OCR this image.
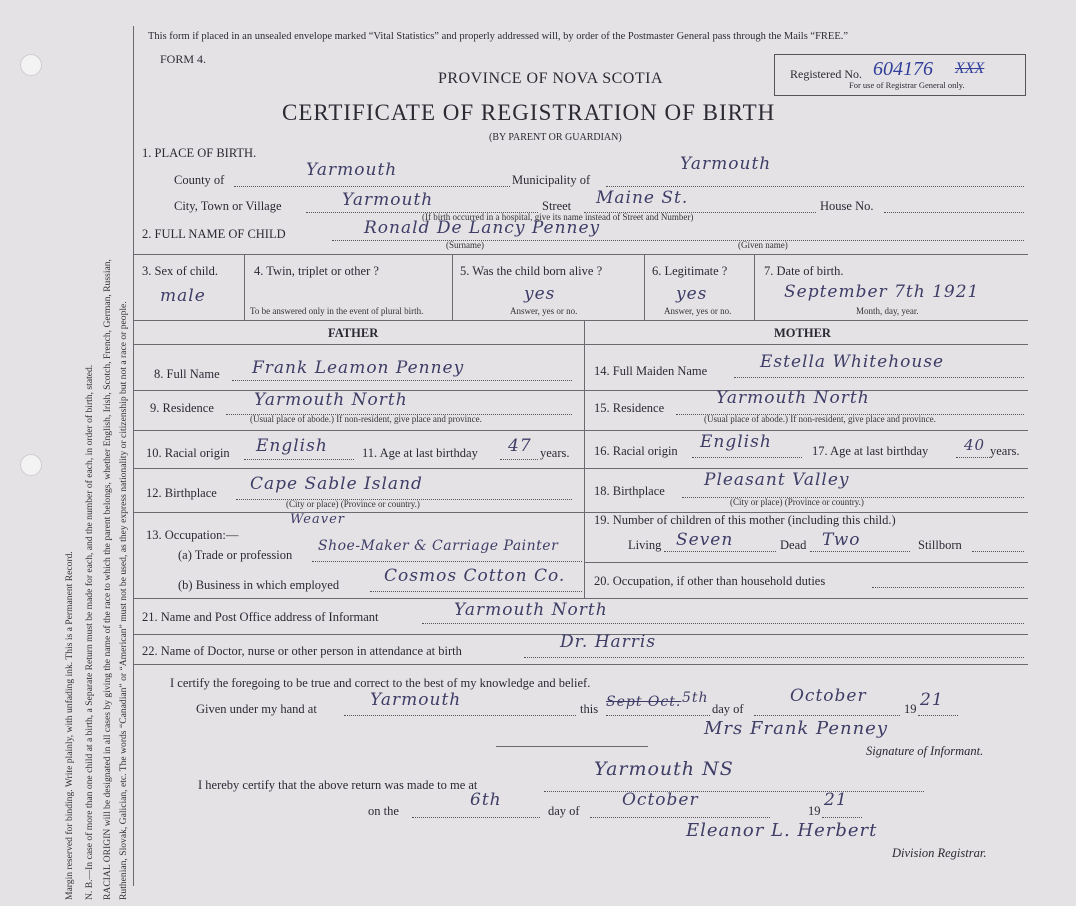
Margin reserved for binding. Write plainly, with unfading ink. This is a Permanent Record. N. B.—In case of more than one child at a birth, a Separate Return must be made for each, and the number of each, in order of birth, stated. RACIAL ORIGIN will be designated in all cases by giving the name of the race to which the parent belongs, whether English, Irish, Scotch, French, German, Russian, Ruthenian, Slovak, Galician, etc. The words “Canadian” or “American” must not be used, as they express nationality or citizenship but not a race or people.
This form if placed in an unsealed envelope marked “Vital Statistics” and properly addressed will, by order of the Postmaster General pass through the Mails “FREE.”
FORM 4.
PROVINCE OF NOVA SCOTIA
CERTIFICATE OF REGISTRATION OF BIRTH
(BY PARENT OR GUARDIAN)
Registered No. 604176 XXX
For use of Registrar General only.
1. PLACE OF BIRTH.
County of	Yarmouth	Municipality of
Yarmouth
City, Town or Village	Yarmouth	Street Maine St.	House No.
(If birth occurred in a hospital, give its name instead of Street and Number)
2. FULL NAME OF CHILD	Ronald De Lancy Penney
(Surname)	(Given name)
3. Sex of child.
male
4. Twin, triplet or other ?
To be answered only in the event of plural birth.
5. Was the child born alive ?
yes
Answer, yes or no.
6. Legitimate ?
yes
Answer, yes or no.
7. Date of birth.
September 7th 1921
Month, day, year.
FATHER	MOTHER
8. Full Name Frank Leamon Penney
9. Residence Yarmouth North
(Usual place of abode.) If non-resident, give place and province.
10. Racial origin English	11. Age at last birthday 47 years.
12. Birthplace Cape Sable Island
(City or place) (Province or country.)
13. Occupation:—
Weaver
(a) Trade or profession
Shoe-Maker & Carriage Painter
(b) Business in which employed	Cosmos Cotton Co.
14. Full Maiden Name	Estella Whitehouse
15. Residence	Yarmouth North
(Usual place of abode.) If non-resident, give place and province.
16. Racial origin English	17. Age at last birthday 40 years.
18. Birthplace
Pleasant Valley
(City or place) (Province or country.)
19. Number of children of this mother (including this child.)
Living Seven	Dead Two	Stillborn
20. Occupation, if other than household duties
21. Name and Post Office address of Informant	Yarmouth North
22. Name of Doctor, nurse or other person in attendance at birth	Dr. Harris
I certify the foregoing to be true and correct to the best of my knowledge and belief.
Given under my hand at	Yarmouth	this Sept Oct. 5th
day of
October
19 21
Mrs Frank Penney
Signature of Informant.
I hereby certify that the above return was made to me at
Yarmouth NS
on the
6th
day of
October
19
21
Eleanor L. Herbert
Division Registrar.
